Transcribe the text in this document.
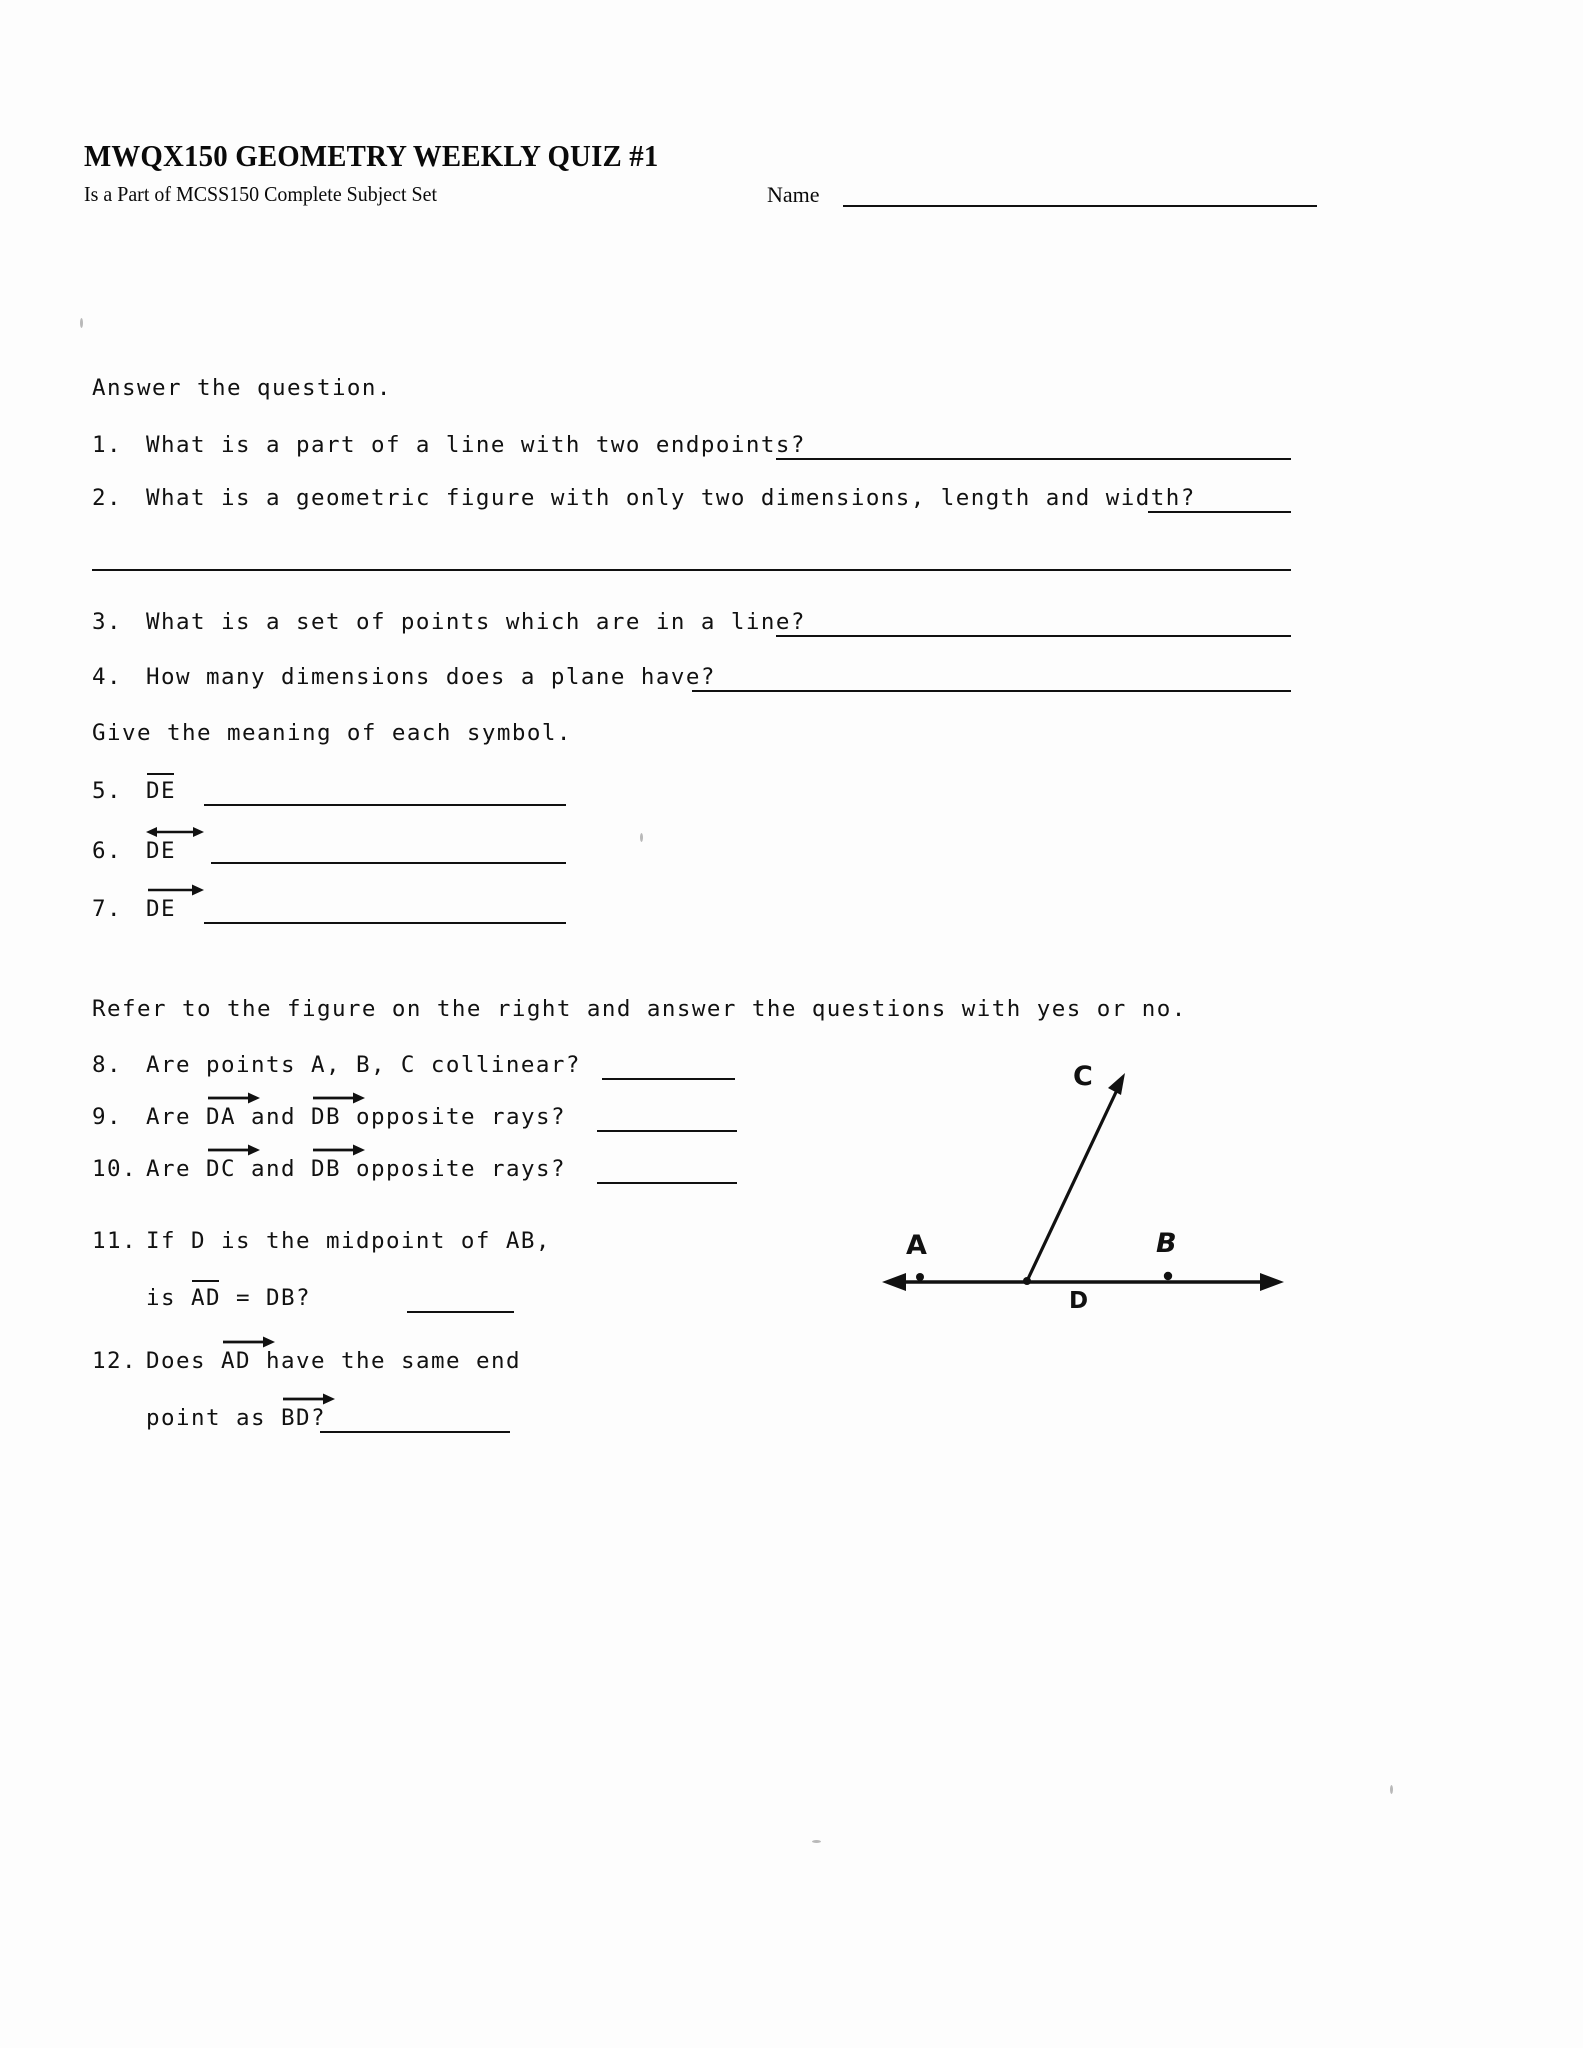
MWQX150 GEOMETRY WEEKLY QUIZ #1
Is a Part of MCSS150 Complete Subject Set	Name
Answer the question.
1. What is a part of a line with two endpoints?
2. What is a geometric figure with only two dimensions, length and width?
3. What is a set of points which are in a line?
4. How many dimensions does a plane have?
Give the meaning of each symbol.
5. DE
6. DE
7. DE
Refer to the figure on the right and answer the questions with yes or no.
8. Are points A, B, C collinear?
9. Are DA and DB opposite rays?
10. Are DC and DB opposite rays?
11. If D is the midpoint of AB,
is AD = DB?
12. Does AD have the same end
point as BD?
A
D
B
C
